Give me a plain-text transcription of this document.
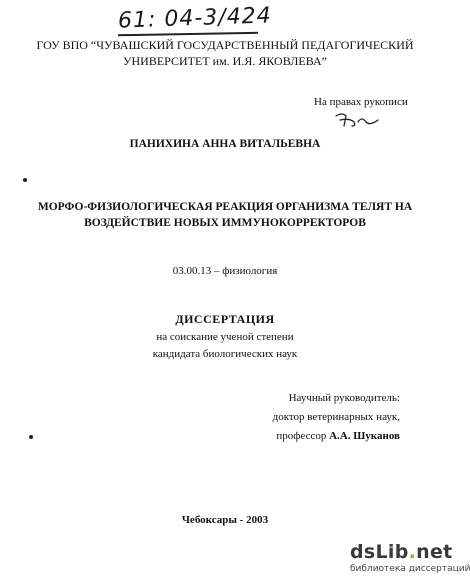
61: 04-3/424
ГОУ ВПО “ЧУВАШСКИЙ ГОСУДАРСТВЕННЫЙ ПЕДАГОГИЧЕСКИЙ
УНИВЕРСИТЕТ им. И.Я. ЯКОВЛЕВА”
На правах рукописи
ПАНИХИНА АННА ВИТАЛЬЕВНА
МОРФО-ФИЗИОЛОГИЧЕСКАЯ РЕАКЦИЯ ОРГАНИЗМА ТЕЛЯТ НА
ВОЗДЕЙСТВИЕ НОВЫХ ИММУНОКОРРЕКТОРОВ
03.00.13 – физиология
ДИССЕРТАЦИЯ
на соискание ученой степени
кандидата биологических наук
Научный руководитель:
доктор ветеринарных наук,
профессор А.А. Шуканов
Чебоксары - 2003
dsLib.net
библиотека диссертаций
